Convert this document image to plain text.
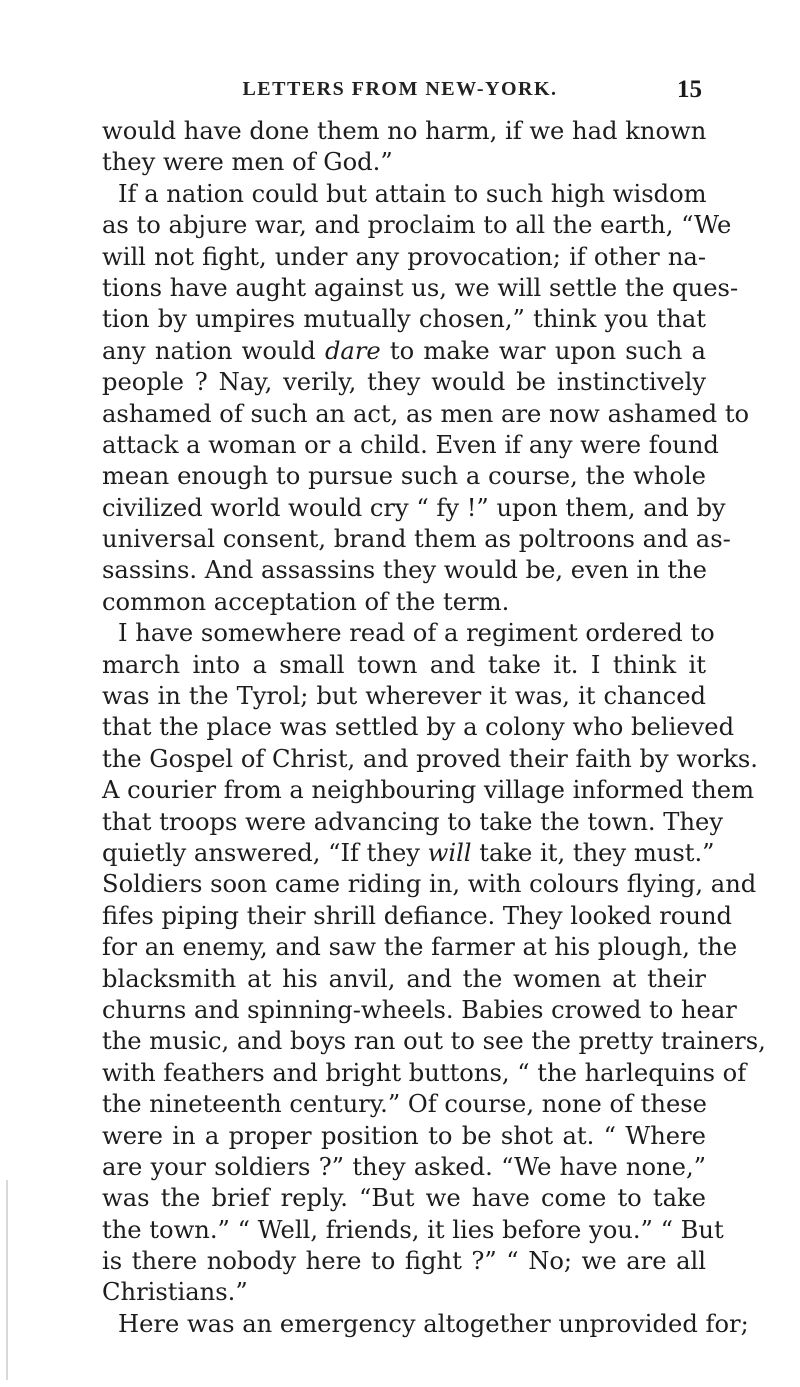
LETTERS FROM NEW-YORK.	15
would have done them no harm, if we had known
they were men of God.”
If a nation could but attain to such high wisdom
as to abjure war, and proclaim to all the earth, “We
will not fight, under any provocation; if other na-
tions have aught against us, we will settle the ques-
tion by umpires mutually chosen,” think you that
any nation would dare to make war upon such a
people ? Nay, verily, they would be instinctively
ashamed of such an act, as men are now ashamed to
attack a woman or a child. Even if any were found
mean enough to pursue such a course, the whole
civilized world would cry “ fy !” upon them, and by
universal consent, brand them as poltroons and as-
sassins. And assassins they would be, even in the
common acceptation of the term.
I have somewhere read of a regiment ordered to
march into a small town and take it. I think it
was in the Tyrol; but wherever it was, it chanced
that the place was settled by a colony who believed
the Gospel of Christ, and proved their faith by works.
A courier from a neighbouring village informed them
that troops were advancing to take the town. They
quietly answered, “If they will take it, they must.”
Soldiers soon came riding in, with colours flying, and
fifes piping their shrill defiance. They looked round
for an enemy, and saw the farmer at his plough, the
blacksmith at his anvil, and the women at their
churns and spinning-wheels. Babies crowed to hear
the music, and boys ran out to see the pretty trainers,
with feathers and bright buttons, “ the harlequins of
the nineteenth century.” Of course, none of these
were in a proper position to be shot at. “ Where
are your soldiers ?” they asked. “We have none,”
was the brief reply. “But we have come to take
the town.” “ Well, friends, it lies before you.” “ But
is there nobody here to fight ?” “ No; we are all
Christians.”
Here was an emergency altogether unprovided for;
